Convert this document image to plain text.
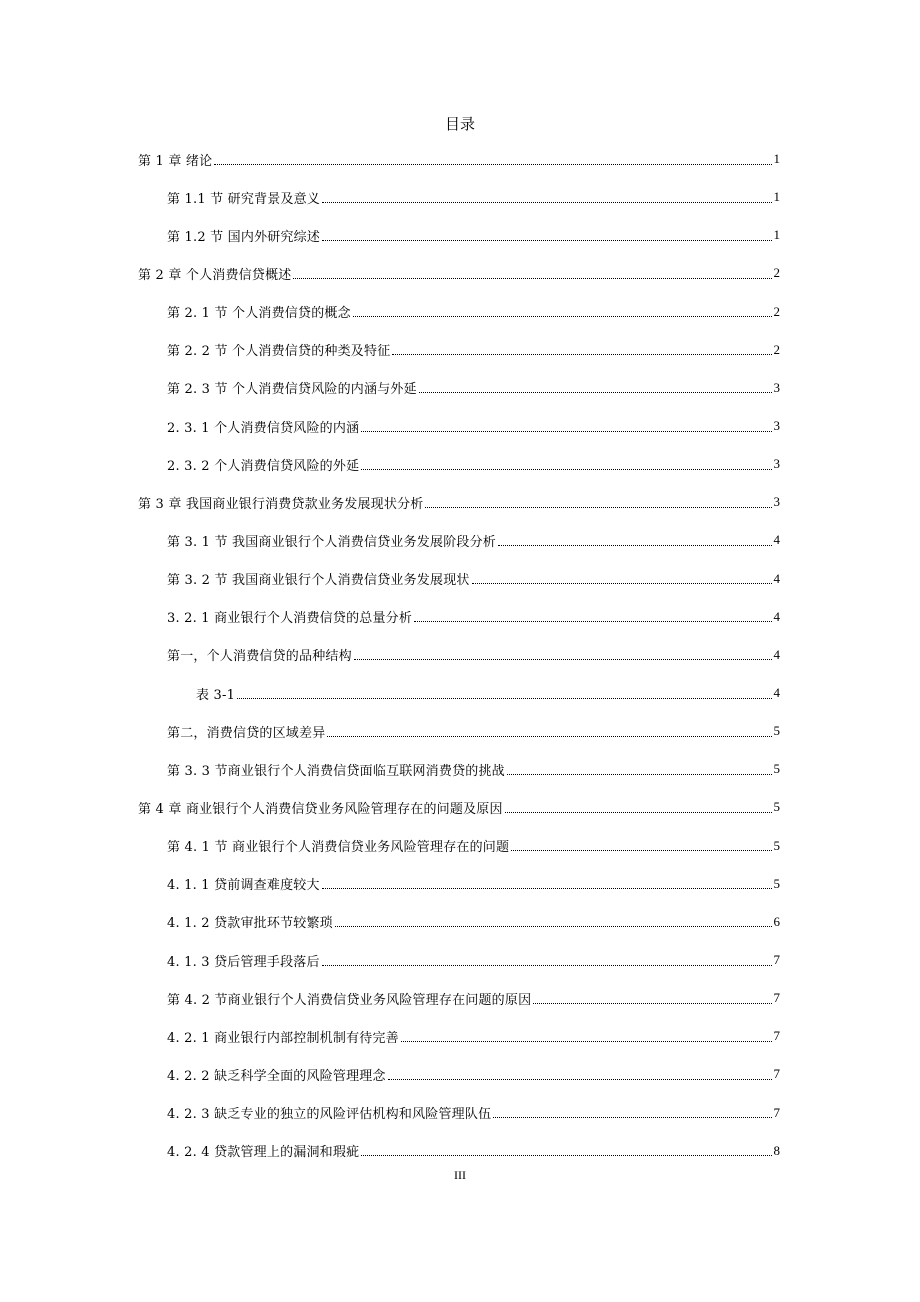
目录
第 1 章 绪论	1
第 1.1 节 研究背景及意义	1
第 1.2 节 国内外研究综述	1
第 2 章 个人消费信贷概述	2
第 2. 1 节 个人消费信贷的概念	2
第 2. 2 节 个人消费信贷的种类及特征	2
第 2. 3 节 个人消费信贷风险的内涵与外延	3
2. 3. 1 个人消费信贷风险的内涵	3
2. 3. 2 个人消费信贷风险的外延	3
第 3 章 我国商业银行消费贷款业务发展现状分析	3
第 3. 1 节 我国商业银行个人消费信贷业务发展阶段分析	4
第 3. 2 节 我国商业银行个人消费信贷业务发展现状	4
3. 2. 1 商业银行个人消费信贷的总量分析	4
第一，个人消费信贷的品种结构	4
表 3-1	4
第二，消费信贷的区域差异	5
第 3. 3 节商业银行个人消费信贷面临互联网消费贷的挑战	5
第 4 章 商业银行个人消费信贷业务风险管理存在的问题及原因	5
第 4. 1 节 商业银行个人消费信贷业务风险管理存在的问题	5
4. 1. 1 贷前调查难度较大	5
4. 1. 2 贷款审批环节较繁琐	6
4. 1. 3 贷后管理手段落后	7
第 4. 2 节商业银行个人消费信贷业务风险管理存在问题的原因	7
4. 2. 1 商业银行内部控制机制有待完善	7
4. 2. 2 缺乏科学全面的风险管理理念	7
4. 2. 3 缺乏专业的独立的风险评估机构和风险管理队伍	7
4. 2. 4 贷款管理上的漏洞和瑕疵	8
III
